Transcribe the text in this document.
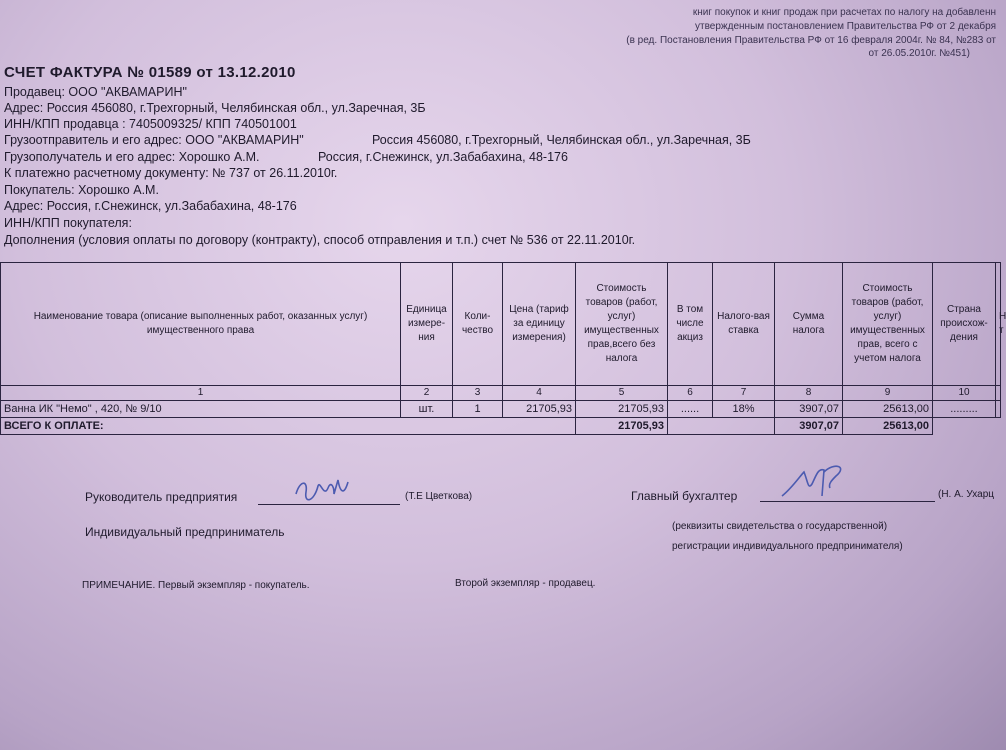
книг покупок и книг продаж при расчетах по налогу на добавленн
утвержденным постановлением Правительства РФ от 2 декабря
(в ред. Постановления Правительства РФ от 16 февраля 2004г. № 84, №283 от
от 26.05.2010г. №451)
СЧЕТ ФАКТУРА № 01589 от 13.12.2010
Продавец: ООО "АКВАМАРИН"
Адрес: Россия 456080, г.Трехгорный, Челябинская обл., ул.Заречная, 3Б
ИНН/КПП продавца : 7405009325/ КПП 740501001
Грузоотправитель и его адрес: ООО "АКВАМАРИН"	Россия 456080, г.Трехгорный, Челябинская обл., ул.Заречная, 3Б
Грузополучатель и его адрес: Хорошко А.М.	Россия, г.Снежинск, ул.Забабахина, 48-176
К платежно расчетному документу: № 737 от 26.11.2010г.
Покупатель: Хорошко А.М.
Адрес: Россия, г.Снежинск, ул.Забабахина, 48-176
ИНН/КПП покупателя:
Дополнения (условия оплаты по договору (контракту), способ отправления и т.п.) счет № 536 от 22.11.2010г.
Наименование товара (описание выполненных работ, оказанных услуг) имущественного права	Единица измере-ния	Коли-чество	Цена (тариф за единицу измерения)	Стоимость товаров (работ, услуг) имущественных прав,всего без налога	В том числе акциз	Налого-вая ставка	Сумма налога	Стоимость товаров (работ, услуг) имущественных прав, всего с учетом налога	Страна происхож-дения	Н т
1	2	3	4	5	6	7	8	9	10	
Ванна ИК "Немо" , 420, № 9/10	шт.	1	21705,93	21705,93	......	18%	3907,07	25613,00	.........	
ВСЕГО К ОПЛАТЕ:				21705,93			3907,07	25613,00		
Руководитель предприятия	(Т.Е Цветкова)	Главный бухгалтер	(Н. А. Ухарц
Индивидуальный предприниматель	(реквизиты свидетельства о государственной)
регистрации индивидуального предпринимателя)
ПРИМЕЧАНИЕ. Первый экземпляр - покупатель.	Второй экземпляр - продавец.
